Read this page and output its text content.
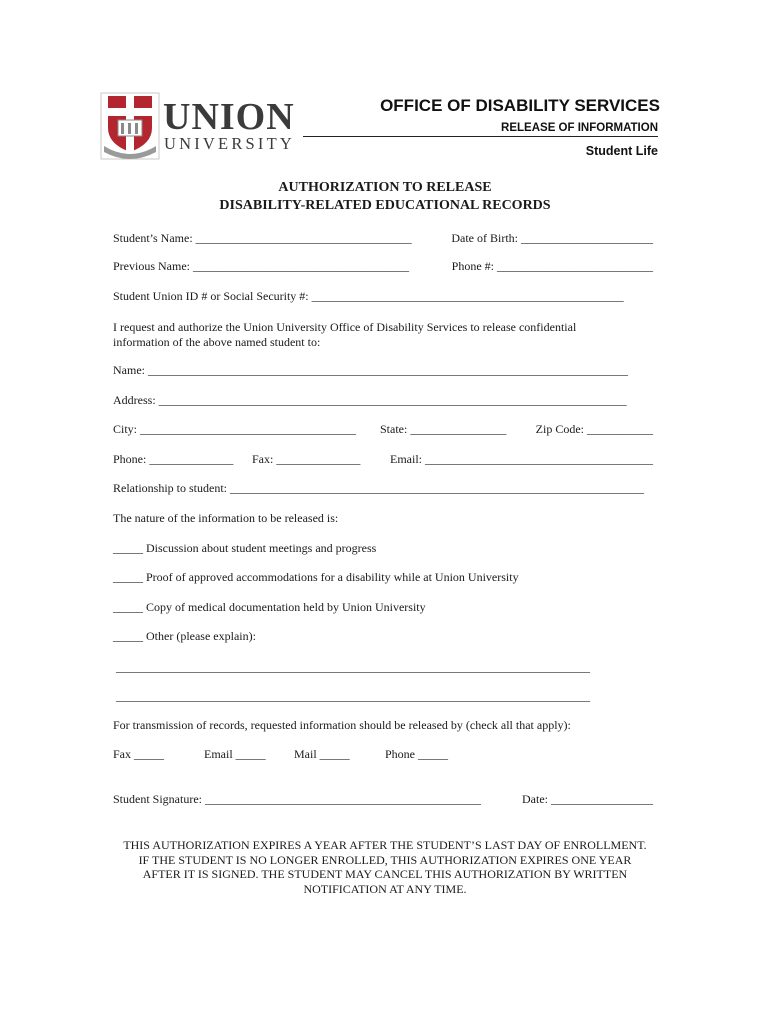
UNION
UNIVERSITY
OFFICE OF DISABILITY SERVICES
RELEASE OF INFORMATION
Student Life
AUTHORIZATION TO RELEASE
DISABILITY-RELATED EDUCATIONAL RECORDS
Student’s Name: ____________________________________	Date of Birth: ______________________
Previous Name: ____________________________________	Phone #: __________________________
Student Union ID # or Social Security #: ____________________________________________________
I request and authorize the Union University Office of Disability Services to release confidential information of the above named student to:
Name: ________________________________________________________________________________
Address: ______________________________________________________________________________
City: ____________________________________ State: ________________	Zip Code: ___________
Phone: ______________ Fax: ______________	Email: ______________________________________
Relationship to student: _____________________________________________________________________
The nature of the information to be released is:
_____ Discussion about student meetings and progress
_____ Proof of approved accommodations for a disability while at Union University
_____ Copy of medical documentation held by Union University
_____ Other (please explain):
_______________________________________________________________________________
_______________________________________________________________________________
For transmission of records, requested information should be released by (check all that apply):
Fax _____	Email _____ Mail _____	Phone _____
Student Signature: ______________________________________________	Date: _________________
THIS AUTHORIZATION EXPIRES A YEAR AFTER THE STUDENT’S LAST DAY OF ENROLLMENT. IF THE STUDENT IS NO LONGER ENROLLED, THIS AUTHORIZATION EXPIRES ONE YEAR AFTER IT IS SIGNED. THE STUDENT MAY CANCEL THIS AUTHORIZATION BY WRITTEN NOTIFICATION AT ANY TIME.
